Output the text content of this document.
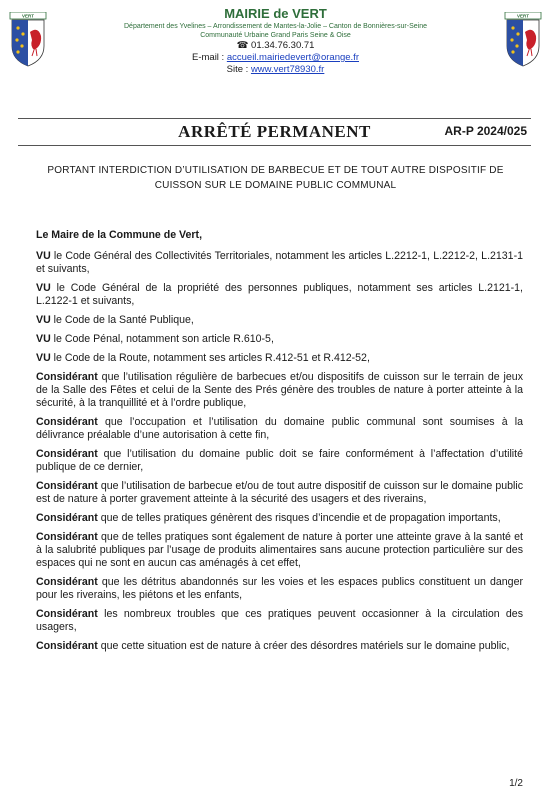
VERT	VERT
MAIRIE de VERT
Département des Yvelines – Arrondissement de Mantes-la-Jolie – Canton de Bonnières-sur-Seine
Communauté Urbaine Grand Paris Seine & Oise
☎ 01.34.76.30.71
E-mail : accueil.mairiedevert@orange.fr
Site : www.vert78930.fr
ARRÊTÉ PERMANENT	AR-P 2024/025
PORTANT INTERDICTION D’UTILISATION DE BARBECUE ET DE TOUT AUTRE DISPOSITIF DE CUISSON SUR LE DOMAINE PUBLIC COMMUNAL
Le Maire de la Commune de Vert,
VU le Code Général des Collectivités Territoriales, notamment les articles L.2212-1, L.2212-2, L.2131-1 et suivants,
VU le Code Général de la propriété des personnes publiques, notamment ses articles L.2121-1, L.2122-1 et suivants,
VU le Code de la Santé Publique,
VU le Code Pénal, notamment son article R.610-5,
VU le Code de la Route, notamment ses articles R.412-51 et R.412-52,
Considérant que l’utilisation régulière de barbecues et/ou dispositifs de cuisson sur le terrain de jeux de la Salle des Fêtes et celui de la Sente des Prés génère des troubles de nature à porter atteinte à la sécurité, à la tranquillité et à l’ordre publique,
Considérant que l’occupation et l’utilisation du domaine public communal sont soumises à la délivrance préalable d’une autorisation à cette fin,
Considérant que l’utilisation du domaine public doit se faire conformément à l’affectation d’utilité publique de ce dernier,
Considérant que l’utilisation de barbecue et/ou de tout autre dispositif de cuisson sur le domaine public est de nature à porter gravement atteinte à la sécurité des usagers et des riverains,
Considérant que de telles pratiques génèrent des risques d’incendie et de propagation importants,
Considérant que de telles pratiques sont également de nature à porter une atteinte grave à la santé et à la salubrité publiques par l’usage de produits alimentaires sans aucune protection particulière sur des espaces qui ne sont en aucun cas aménagés à cet effet,
Considérant que les détritus abandonnés sur les voies et les espaces publics constituent un danger pour les riverains, les piétons et les enfants,
Considérant les nombreux troubles que ces pratiques peuvent occasionner à la circulation des usagers,
Considérant que cette situation est de nature à créer des désordres matériels sur le domaine public,
1/2
